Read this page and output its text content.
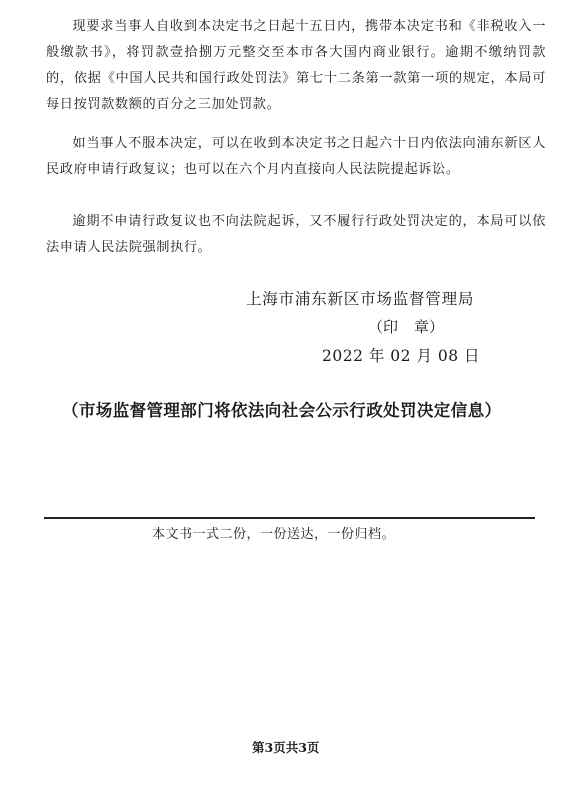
现要求当事人自收到本决定书之日起十五日内，携带本决定书和《非税收入一般缴款书》，将罚款壹拾捌万元整交至本市各大国内商业银行。逾期不缴纳罚款的，依据《中国人民共和国行政处罚法》第七十二条第一款第一项的规定，本局可每日按罚款数额的百分之三加处罚款。

如当事人不服本决定，可以在收到本决定书之日起六十日内依法向浦东新区人民政府申请行政复议；也可以在六个月内直接向人民法院提起诉讼。

逾期不申请行政复议也不向法院起诉，又不履行行政处罚决定的，本局可以依法申请人民法院强制执行。

上海市浦东新区市场监督管理局
（印 章）
2022 年 02 月 08 日
（市场监督管理部门将依法向社会公示行政处罚决定信息）
本文书一式二份，一份送达，一份归档。
第3页共3页
